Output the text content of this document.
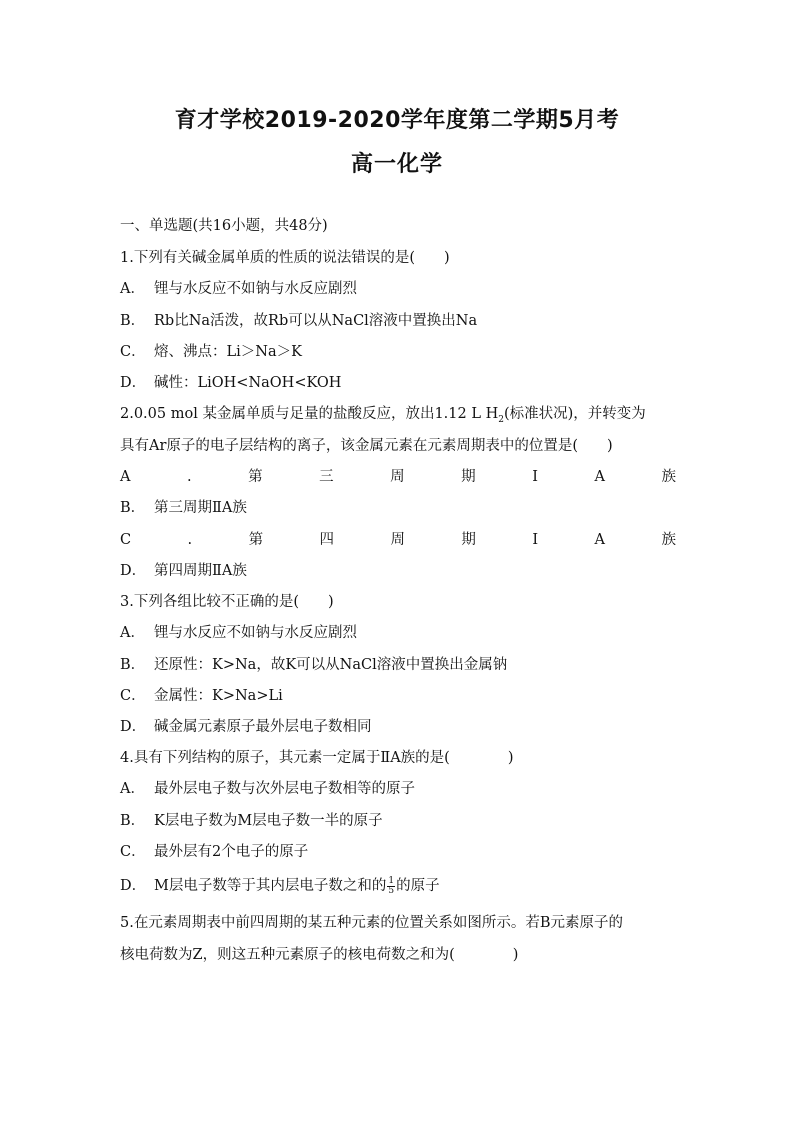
育才学校2019-2020学年度第二学期5月考
高一化学
一、单选题(共16小题，共48分)
1.下列有关碱金属单质的性质的说法错误的是(　　)
A． 锂与水反应不如钠与水反应剧烈
B． Rb比Na活泼，故Rb可以从NaCl溶液中置换出Na
C． 熔、沸点：Li＞Na＞K
D． 碱性：LiOH<NaOH<KOH
2.0.05 mol 某金属单质与足量的盐酸反应，放出1.12 L $H_2$(标准状况)，并转变为
具有Ar原子的电子层结构的离子，该金属元素在元素周期表中的位置是(　　)
A	.	第	三	周	期	Ⅰ	A	族
B． 第三周期ⅡA族
C	.	第	四	周	期	Ⅰ	A	族
D． 第四周期ⅡA族
3.下列各组比较不正确的是(　　)
A． 锂与水反应不如钠与水反应剧烈
B． 还原性：K>Na，故K可以从NaCl溶液中置换出金属钠
C． 金属性：K>Na>Li
D． 碱金属元素原子最外层电子数相同
4.具有下列结构的原子，其元素一定属于ⅡA族的是(　　　　)
A． 最外层电子数与次外层电子数相等的原子
B． K层电子数为M层电子数一半的原子
C． 最外层有2个电子的原子
D． M层电子数等于其内层电子数之和的 $\frac{1}{5}$ 的原子
5.在元素周期表中前四周期的某五种元素的位置关系如图所示。若B元素原子的
核电荷数为Z，则这五种元素原子的核电荷数之和为(　　　　)
